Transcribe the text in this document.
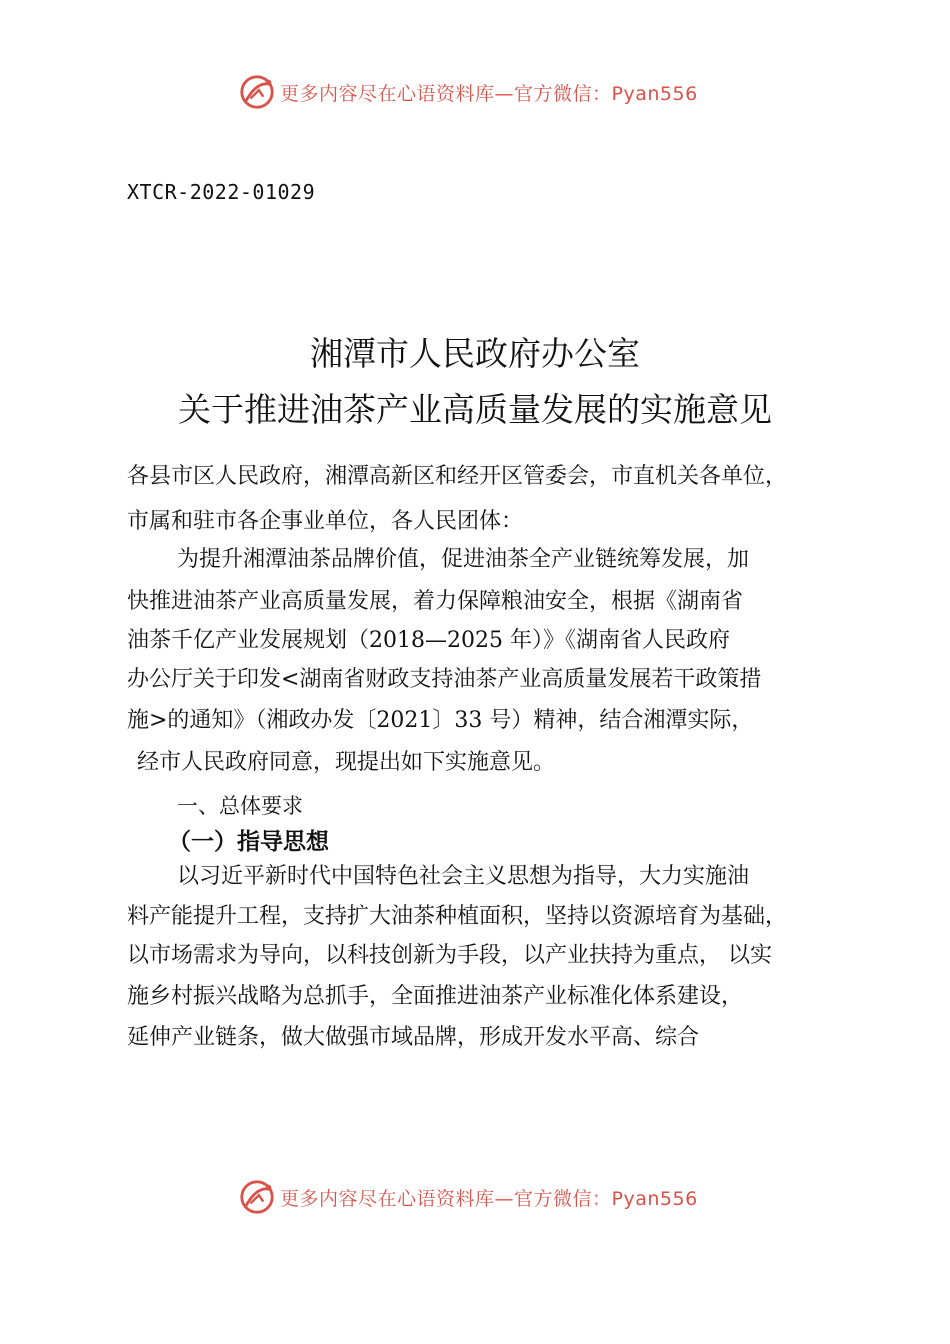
更多内容尽在心语资料库—官方微信：Pyan556
XTCR-2022-01029
湘潭市人民政府办公室
关于推进油茶产业高质量发展的实施意见
各县市区人民政府，湘潭高新区和经开区管委会，市直机关各单位，
市属和驻市各企事业单位，各人民团体：
为提升湘潭油茶品牌价值，促进油茶全产业链统筹发展，加
快推进油茶产业高质量发展，着力保障粮油安全，根据《湖南省
油茶千亿产业发展规划（2018—2025 年）》《湖南省人民政府
办公厅关于印发<湖南省财政支持油茶产业高质量发展若干政策措
施>的通知》（湘政办发〔2021〕33 号）精神，结合湘潭实际，
经市人民政府同意，现提出如下实施意见。
一、总体要求
（一）指导思想
以习近平新时代中国特色社会主义思想为指导，大力实施油
料产能提升工程，支持扩大油茶种植面积，坚持以资源培育为基础，
以市场需求为导向，以科技创新为手段，以产业扶持为重点， 以实
施乡村振兴战略为总抓手，全面推进油茶产业标准化体系建设，
延伸产业链条，做大做强市域品牌，形成开发水平高、综合
更多内容尽在心语资料库—官方微信：Pyan556
